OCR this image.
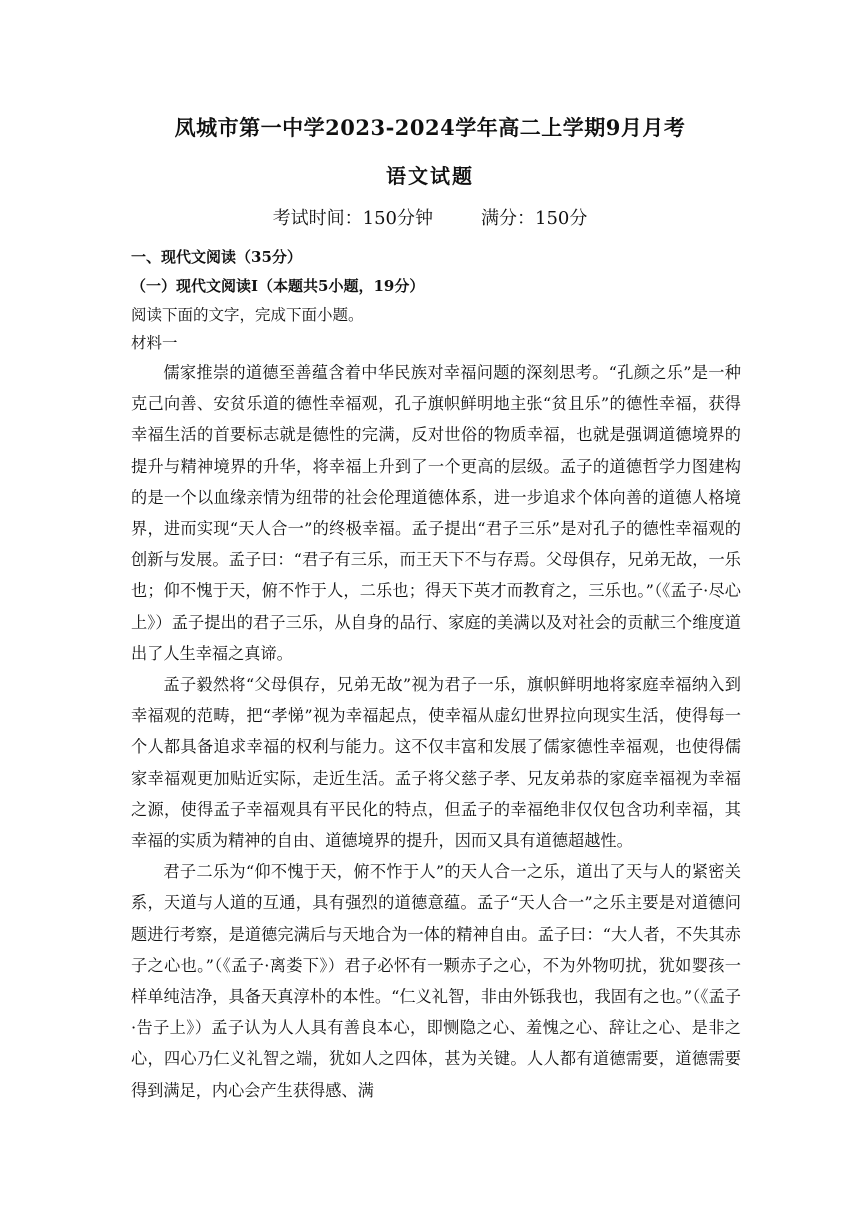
凤城市第一中学2023-2024学年高二上学期9月月考
语文试题
考试时间：150分钟	满分：150分
一、现代文阅读（35分）
（一）现代文阅读Ⅰ（本题共5小题，19分）
阅读下面的文字，完成下面小题。
材料一

儒家推崇的道德至善蕴含着中华民族对幸福问题的深刻思考。“孔颜之乐”是一种克己向善、安贫乐道的德性幸福观，孔子旗帜鲜明地主张“贫且乐”的德性幸福，获得幸福生活的首要标志就是德性的完满，反对世俗的物质幸福，也就是强调道德境界的提升与精神境界的升华，将幸福上升到了一个更高的层级。孟子的道德哲学力图建构的是一个以血缘亲情为纽带的社会伦理道德体系，进一步追求个体向善的道德人格境界，进而实现“天人合一”的终极幸福。孟子提出“君子三乐”是对孔子的德性幸福观的创新与发展。孟子曰：“君子有三乐，而王天下不与存焉。父母俱存，兄弟无故，一乐也；仰不愧于天，俯不怍于人，二乐也；得天下英才而教育之，三乐也。”（《孟子·尽心上》）孟子提出的君子三乐，从自身的品行、家庭的美满以及对社会的贡献三个维度道出了人生幸福之真谛。

孟子毅然将“父母俱存，兄弟无故”视为君子一乐，旗帜鲜明地将家庭幸福纳入到幸福观的范畴，把“孝悌”视为幸福起点，使幸福从虚幻世界拉向现实生活，使得每一个人都具备追求幸福的权利与能力。这不仅丰富和发展了儒家德性幸福观，也使得儒家幸福观更加贴近实际，走近生活。孟子将父慈子孝、兄友弟恭的家庭幸福视为幸福之源，使得孟子幸福观具有平民化的特点，但孟子的幸福绝非仅仅包含功利幸福，其幸福的实质为精神的自由、道德境界的提升，因而又具有道德超越性。

君子二乐为“仰不愧于天，俯不怍于人”的天人合一之乐，道出了天与人的紧密关系，天道与人道的互通，具有强烈的道德意蕴。孟子“天人合一”之乐主要是对道德问题进行考察，是道德完满后与天地合为一体的精神自由。孟子曰：“大人者，不失其赤子之心也。”（《孟子·离娄下》）君子必怀有一颗赤子之心，不为外物叨扰，犹如婴孩一样单纯洁净，具备天真淳朴的本性。“仁义礼智，非由外铄我也，我固有之也。”（《孟子·告子上》）孟子认为人人具有善良本心，即恻隐之心、羞愧之心、辞让之心、是非之心，四心乃仁义礼智之端，犹如人之四体，甚为关键。人人都有道德需要，道德需要得到满足，内心会产生获得感、满
